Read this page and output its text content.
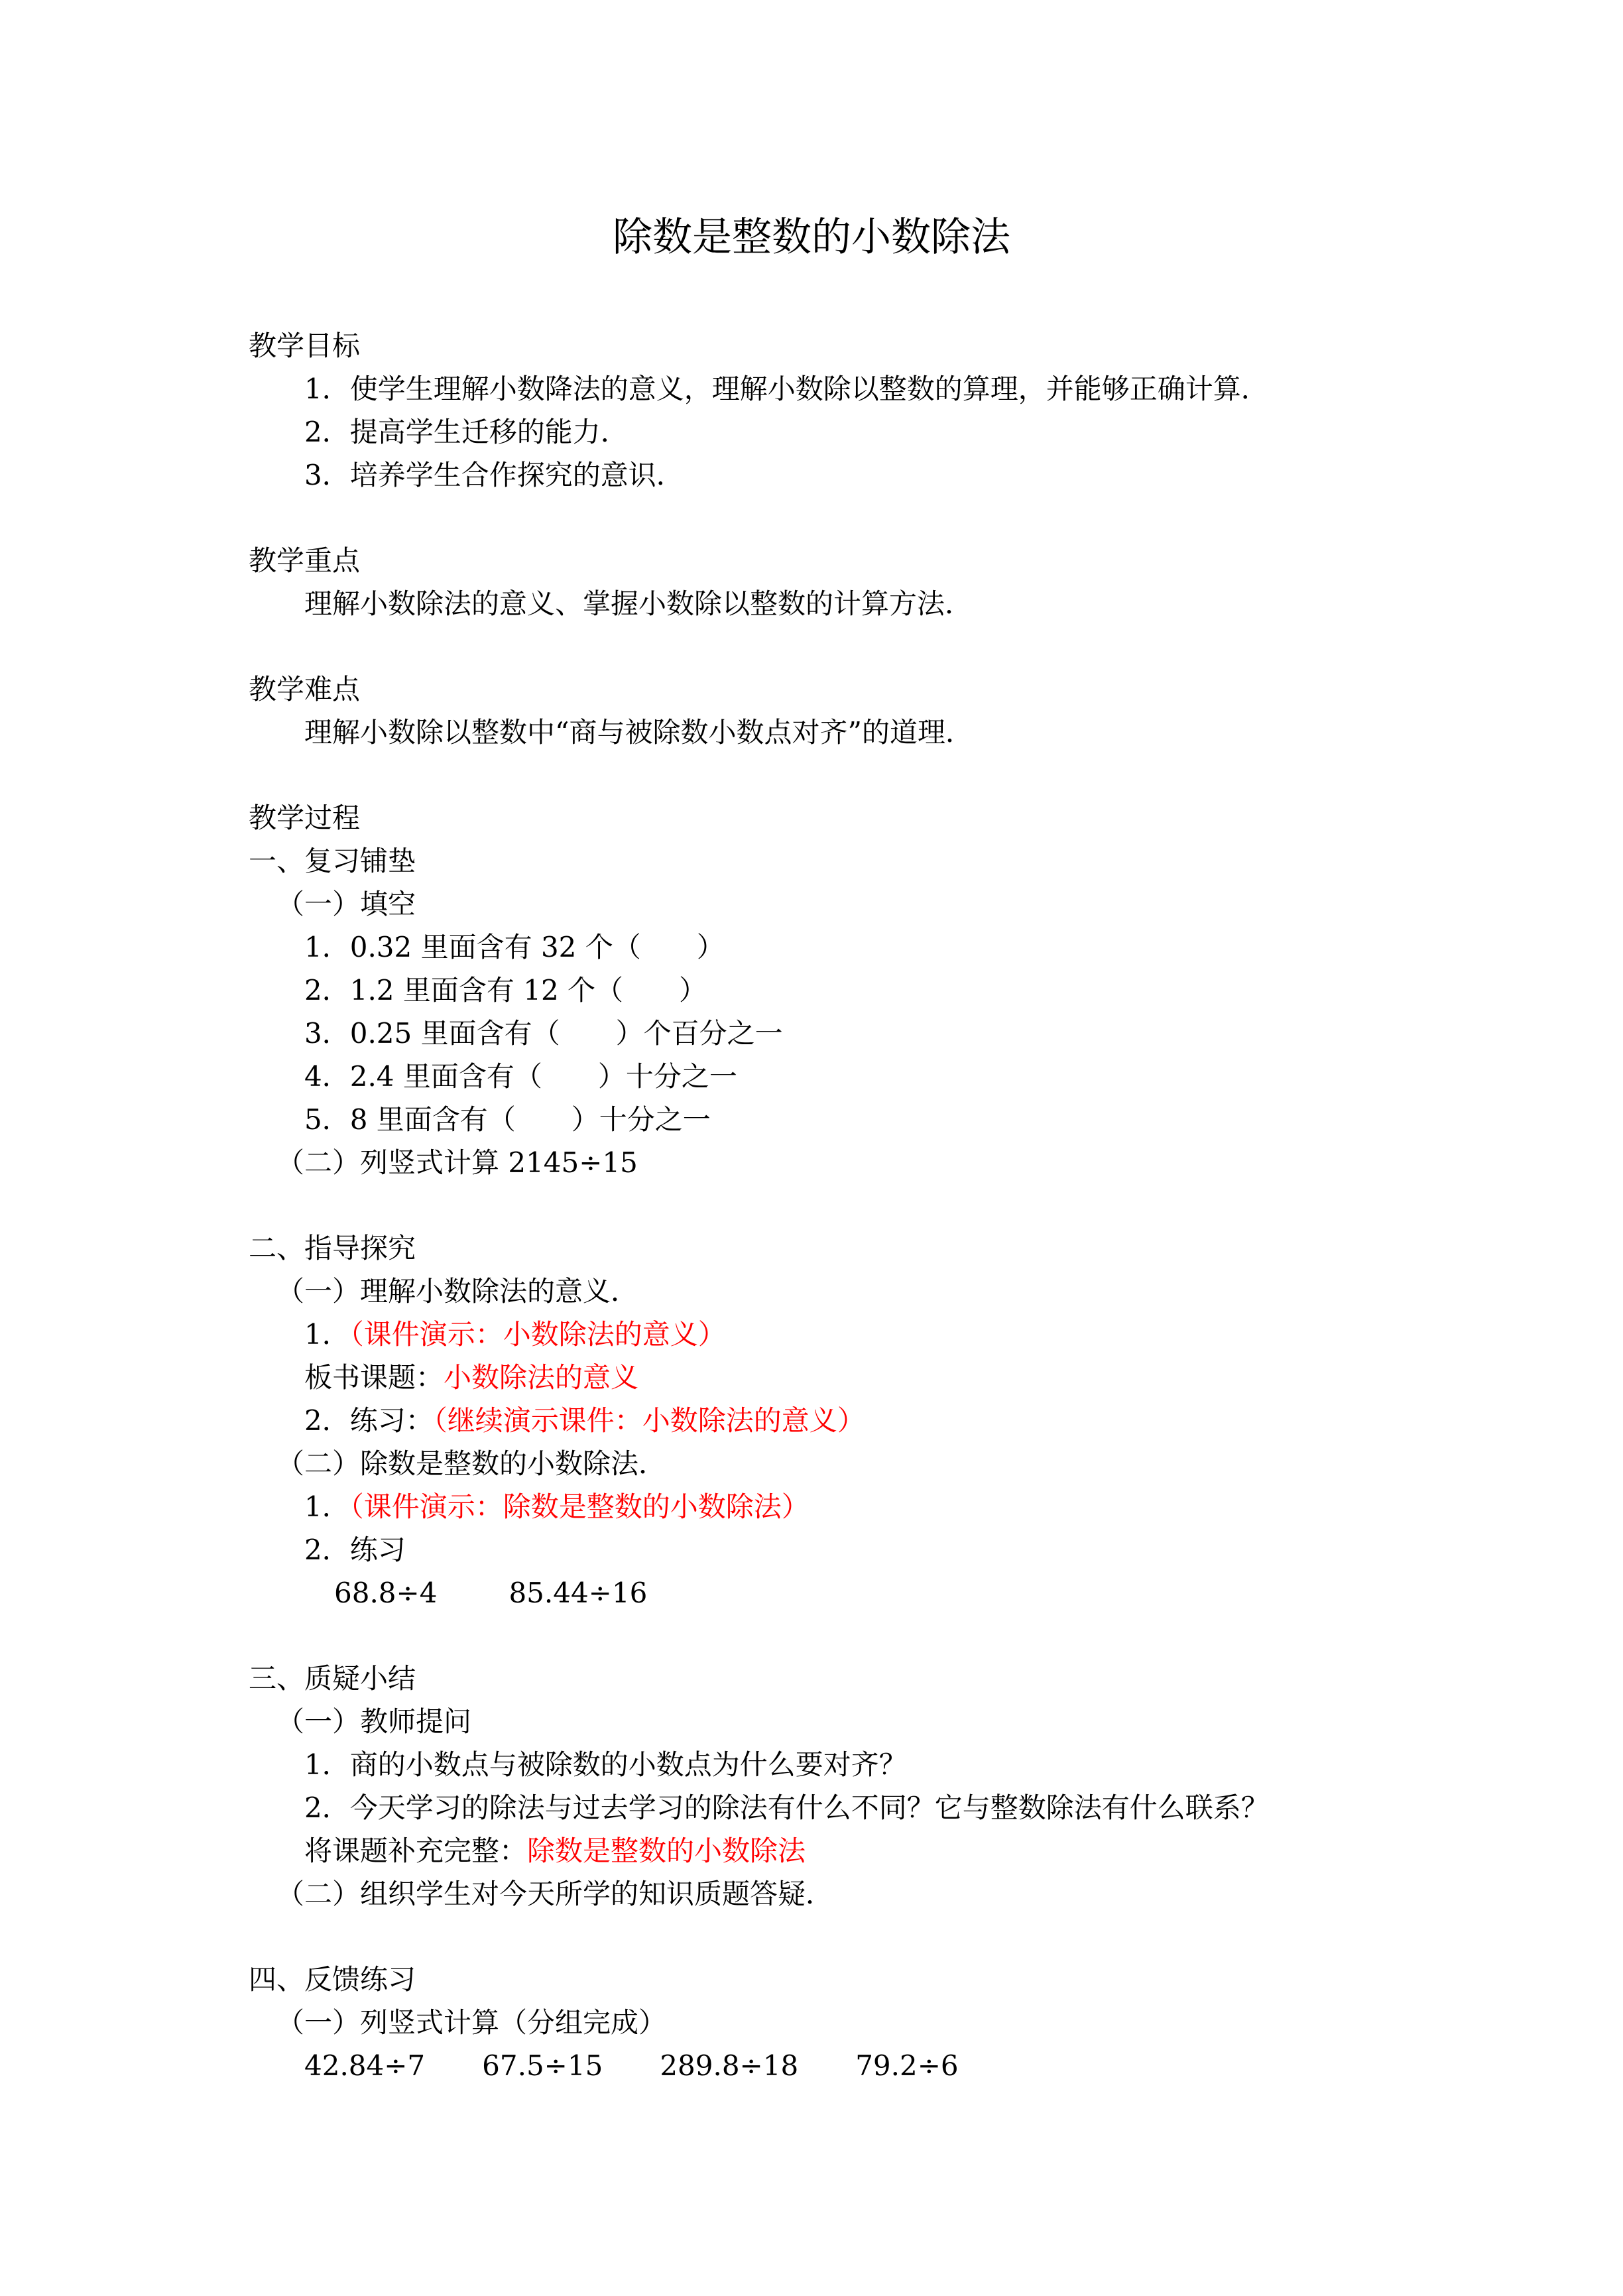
除数是整数的小数除法
教学目标
1．使学生理解小数降法的意义，理解小数除以整数的算理，并能够正确计算．
2．提高学生迁移的能力．
3．培养学生合作探究的意识．
教学重点
理解小数除法的意义、掌握小数除以整数的计算方法．
教学难点
理解小数除以整数中“商与被除数小数点对齐”的道理．
教学过程
一、复习铺垫
（一）填空
1．0.32 里面含有 32 个（　　）
2．1.2 里面含有 12 个（　　）
3．0.25 里面含有（　　）个百分之一
4．2.4 里面含有（　　）十分之一
5．8 里面含有（　　）十分之一
（二）列竖式计算 2145÷15
二、指导探究
（一）理解小数除法的意义．
1．（课件演示：小数除法的意义）
板书课题：小数除法的意义
2．练习：（继续演示课件：小数除法的意义）
（二）除数是整数的小数除法．
1．（课件演示：除数是整数的小数除法）
2．练习
68.8÷4	85.44÷16
三、质疑小结
（一）教师提问
1．商的小数点与被除数的小数点为什么要对齐？
2．今天学习的除法与过去学习的除法有什么不同？它与整数除法有什么联系？
将课题补充完整：除数是整数的小数除法
（二）组织学生对今天所学的知识质题答疑．
四、反馈练习
（一）列竖式计算（分组完成）
42.84÷7 67.5÷15 289.8÷18 79.2÷6
